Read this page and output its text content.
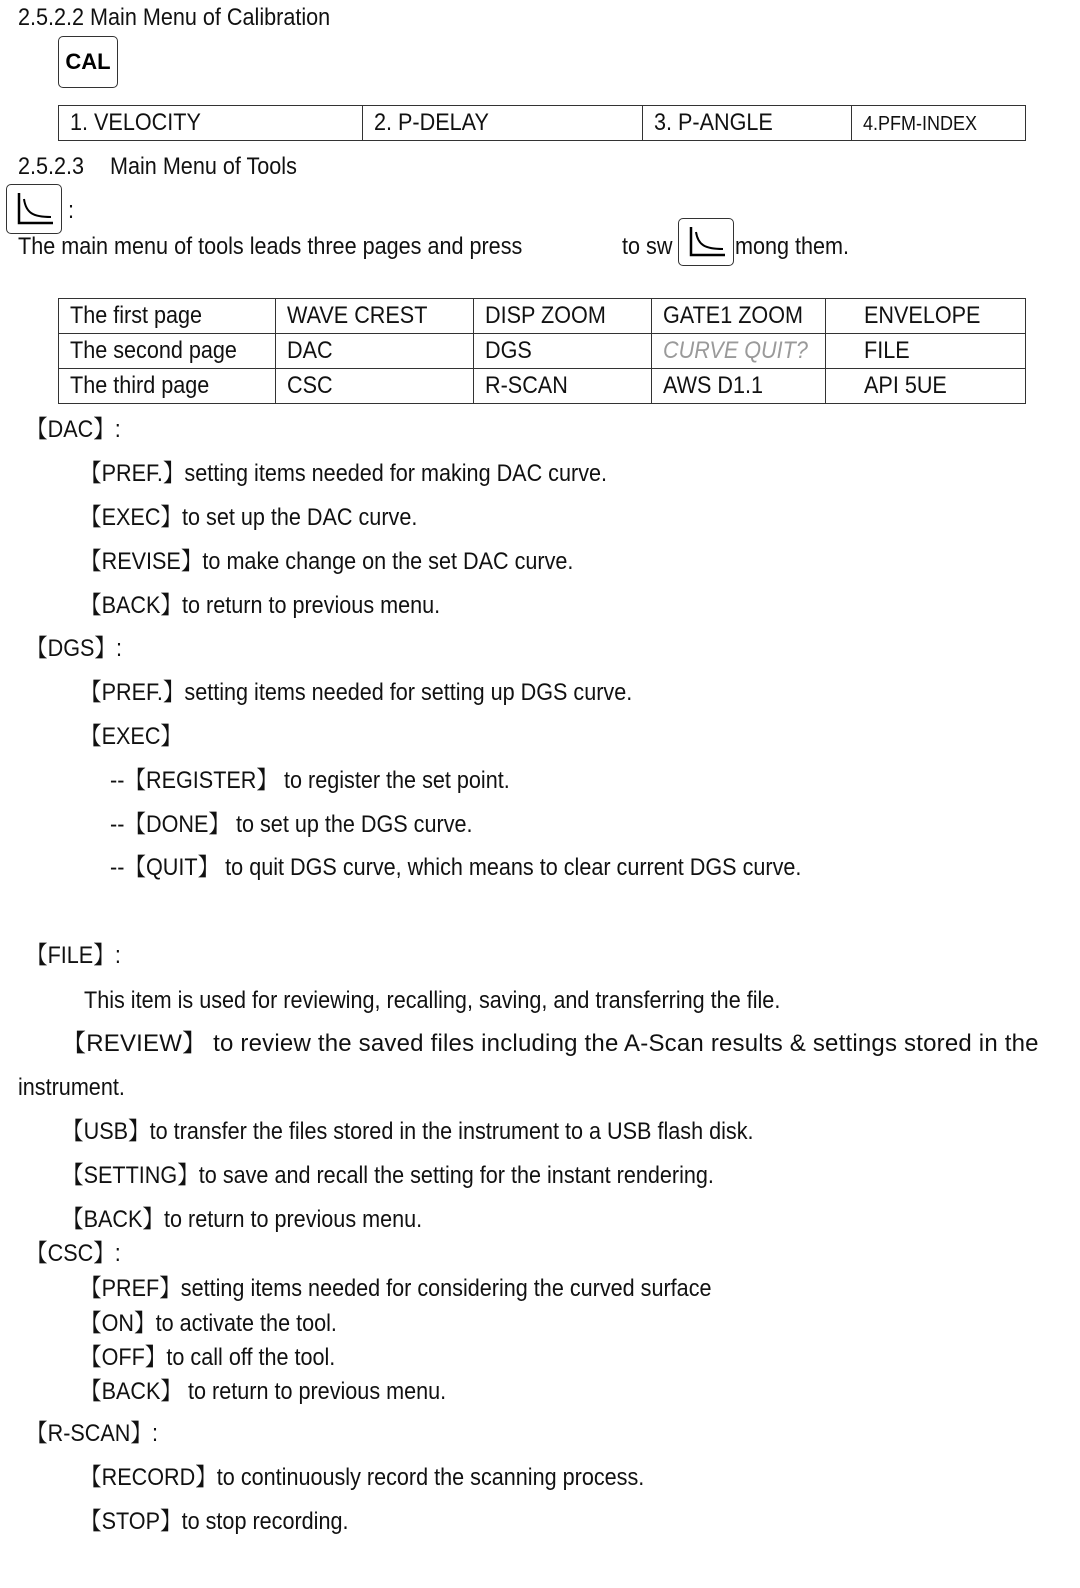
2.5.2.2 Main Menu of Calibration
CAL
1. VELOCITY	2. P-DELAY	3. P-ANGLE	4.PFM-INDEX
2.5.2.3 Main Menu of Tools
:
The main menu of tools leads three pages and press	to sw	mong them.
The first page	WAVE CREST	DISP ZOOM	GATE1 ZOOM	ENVELOPE
The second page	DAC	DGS	CURVE QUIT?	FILE
The third page	CSC	R-SCAN	AWS D1.1	API 5UE
【DAC】:
【PREF.】setting items needed for making DAC curve.
【EXEC】to set up the DAC curve.
【REVISE】to make change on the set DAC curve.
【BACK】to return to previous menu.
【DGS】:
【PREF.】setting items needed for setting up DGS curve.
【EXEC】
--【REGISTER】 to register the set point.
--【DONE】 to set up the DGS curve.
--【QUIT】 to quit DGS curve, which means to clear current DGS curve.
【FILE】:
This item is used for reviewing, recalling, saving, and transferring the file.
【REVIEW】 to review the saved files including the A-Scan results & settings stored in the
instrument.
【USB】to transfer the files stored in the instrument to a USB flash disk.
【SETTING】to save and recall the setting for the instant rendering.
【BACK】to return to previous menu.
【CSC】:
【PREF】setting items needed for considering the curved surface
【ON】to activate the tool.
【OFF】to call off the tool.
【BACK】 to return to previous menu.
【R-SCAN】:
【RECORD】to continuously record the scanning process.
【STOP】to stop recording.
